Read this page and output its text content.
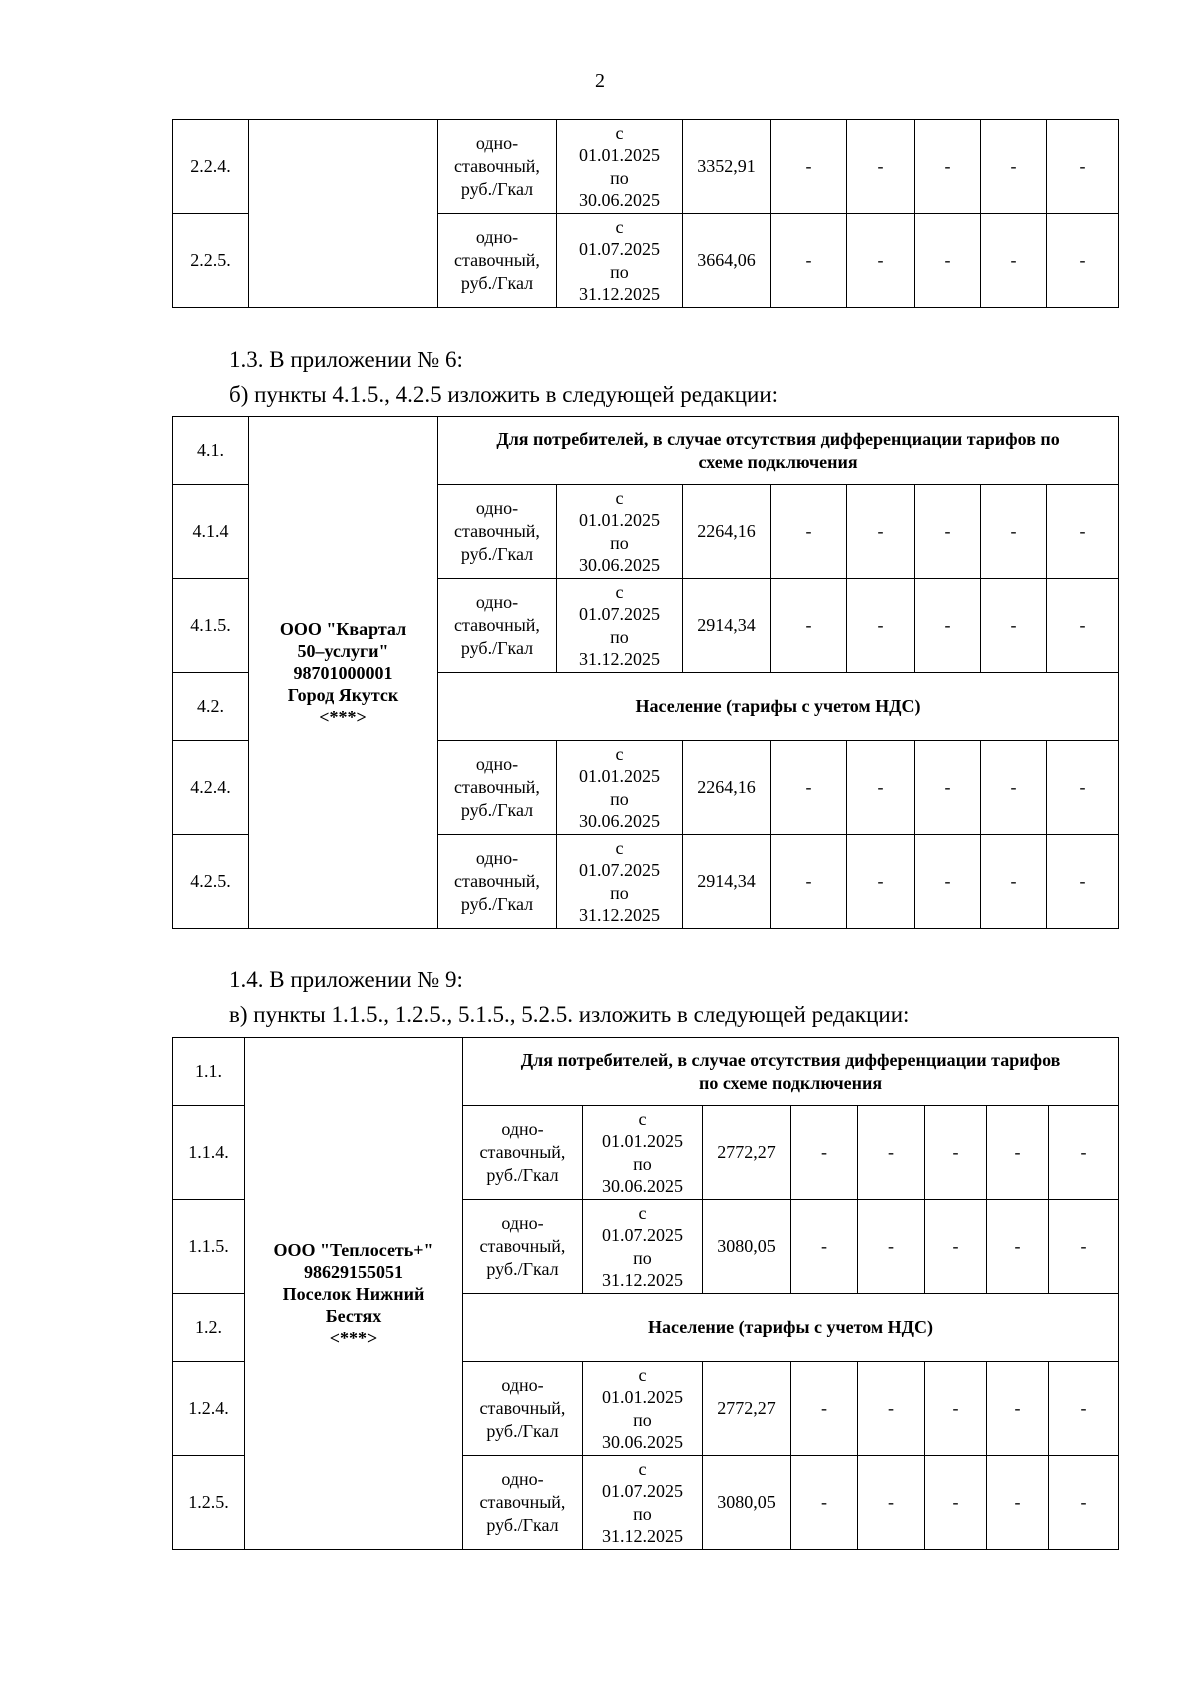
2
2.2.4.		одно-
ставочный,
руб./Гкал	с
01.01.2025
по
30.06.2025	3352,91	-	-	-	-	-
2.2.5.		одно-
ставочный,
руб./Гкал	с
01.07.2025
по
31.12.2025	3664,06	-	-	-	-	-
1.3. В приложении № 6:
б) пункты 4.1.5., 4.2.5 изложить в следующей редакции:
4.1.	ООО "Квартал
50–услуги"
98701000001
Город Якутск
<***>	Для потребителей, в случае отсутствия дифференциации тарифов по
схеме подключения							

4.1.4		одно-
ставочный,
руб./Гкал	с
01.01.2025
по
30.06.2025	2264,16	-	-	-	-	-
4.1.5.		одно-
ставочный,
руб./Гкал	с
01.07.2025
по
31.12.2025	2914,34	-	-	-	-	-
4.2.		Население (тарифы с учетом НДС)							
4.2.4.		одно-
ставочный,
руб./Гкал	с
01.01.2025
по
30.06.2025	2264,16	-	-	-	-	-
4.2.5.		одно-
ставочный,
руб./Гкал	с
01.07.2025
по
31.12.2025	2914,34	-	-	-	-	-
1.4. В приложении № 9:
в) пункты 1.1.5., 1.2.5., 5.1.5., 5.2.5. изложить в следующей редакции:
1.1.	ООО "Теплосеть+"
98629155051
Поселок Нижний
Бестях
<***>	Для потребителей, в случае отсутствия дифференциации тарифов
по схеме подключения							

1.1.4.		одно-
ставочный,
руб./Гкал	с
01.01.2025
по
30.06.2025	2772,27	-	-	-	-	-
1.1.5.		одно-
ставочный,
руб./Гкал	с
01.07.2025
по
31.12.2025	3080,05	-	-	-	-	-
1.2.		Население (тарифы с учетом НДС)							
1.2.4.		одно-
ставочный,
руб./Гкал	с
01.01.2025
по
30.06.2025	2772,27	-	-	-	-	-
1.2.5.		одно-
ставочный,
руб./Гкал	с
01.07.2025
по
31.12.2025	3080,05	-	-	-	-	-
